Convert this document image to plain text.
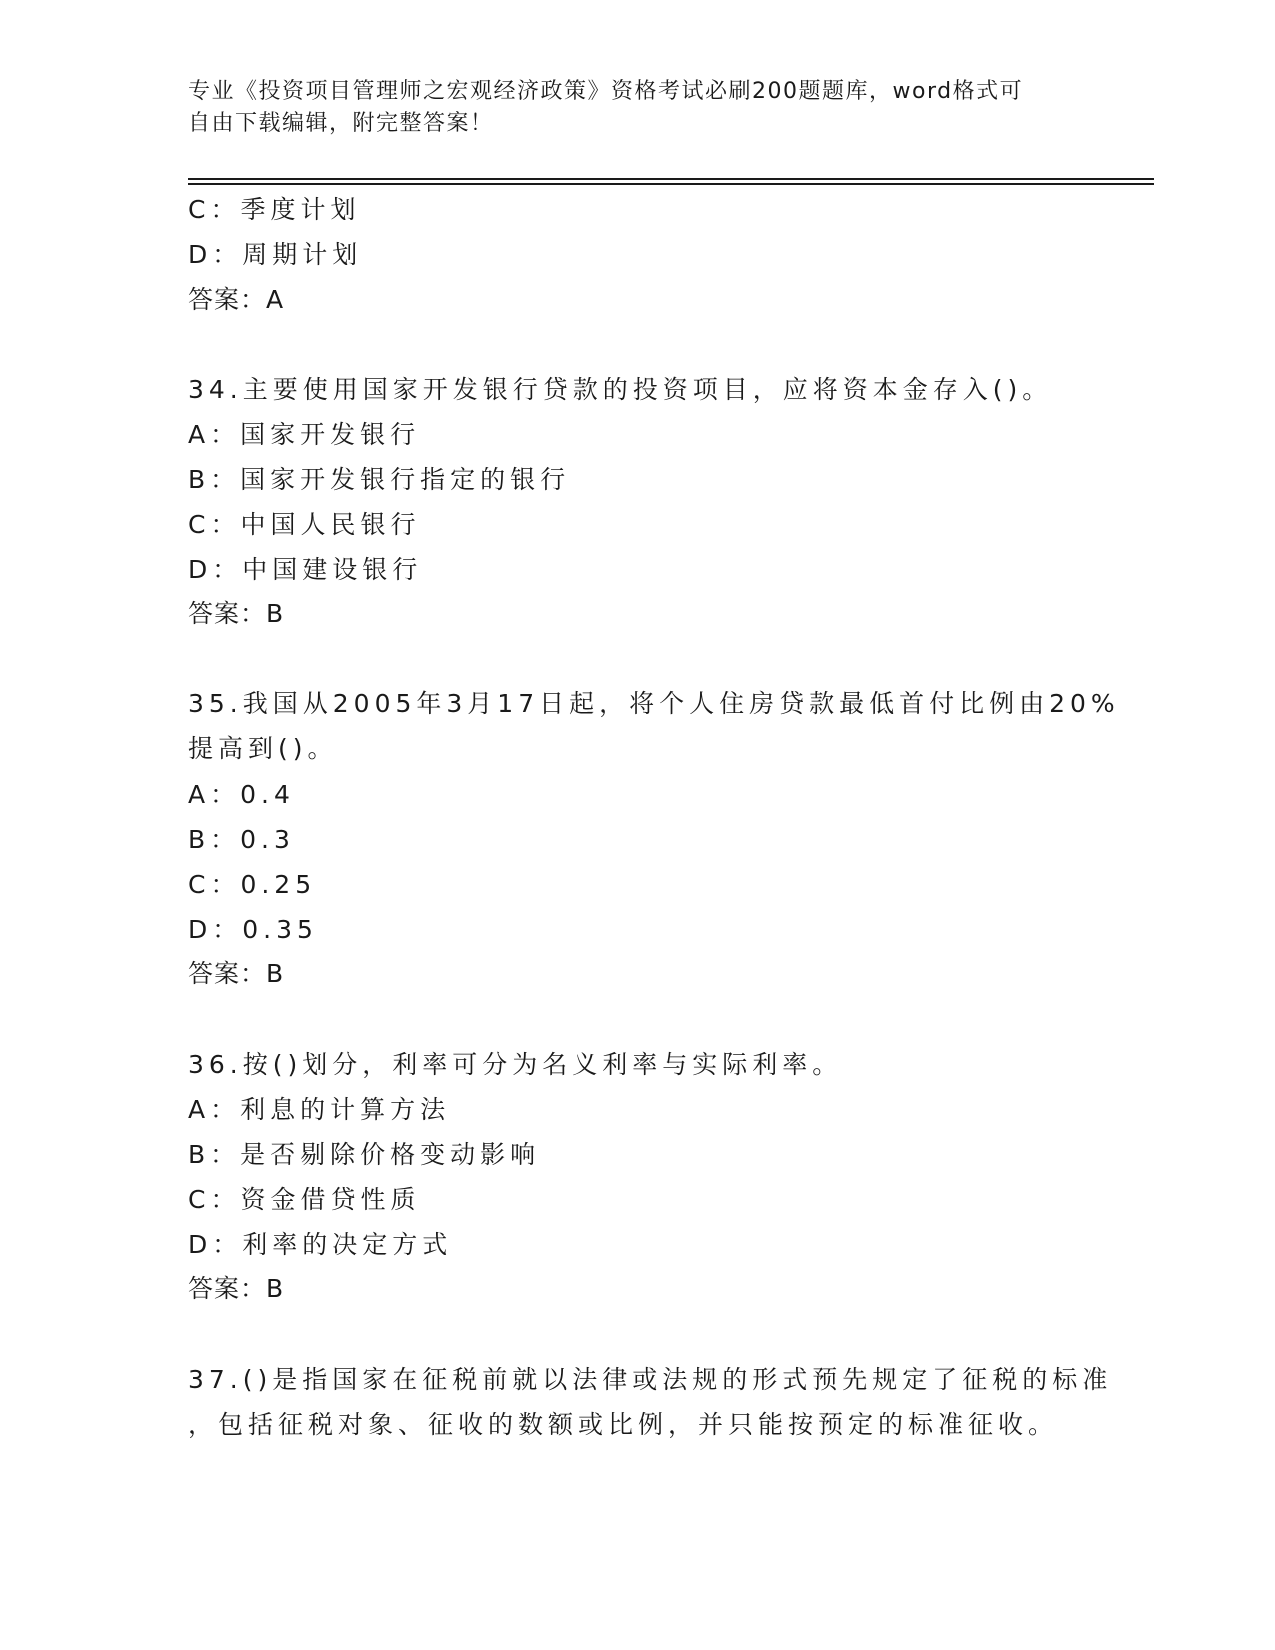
专业《投资项目管理师之宏观经济政策》资格考试必刷200题题库，word格式可
自由下载编辑，附完整答案！
C：季度计划
D：周期计划
答案：A
34.主要使用国家开发银行贷款的投资项目，应将资本金存入()。
A：国家开发银行
B：国家开发银行指定的银行
C：中国人民银行
D：中国建设银行
答案：B
35.我国从2005年3月17日起，将个人住房贷款最低首付比例由20%
提高到()。
A：0.4
B：0.3
C：0.25
D：0.35
答案：B
36.按()划分，利率可分为名义利率与实际利率。
A：利息的计算方法
B：是否剔除价格变动影响
C：资金借贷性质
D：利率的决定方式
答案：B
37.()是指国家在征税前就以法律或法规的形式预先规定了征税的标准
，包括征税对象、征收的数额或比例，并只能按预定的标准征收。
